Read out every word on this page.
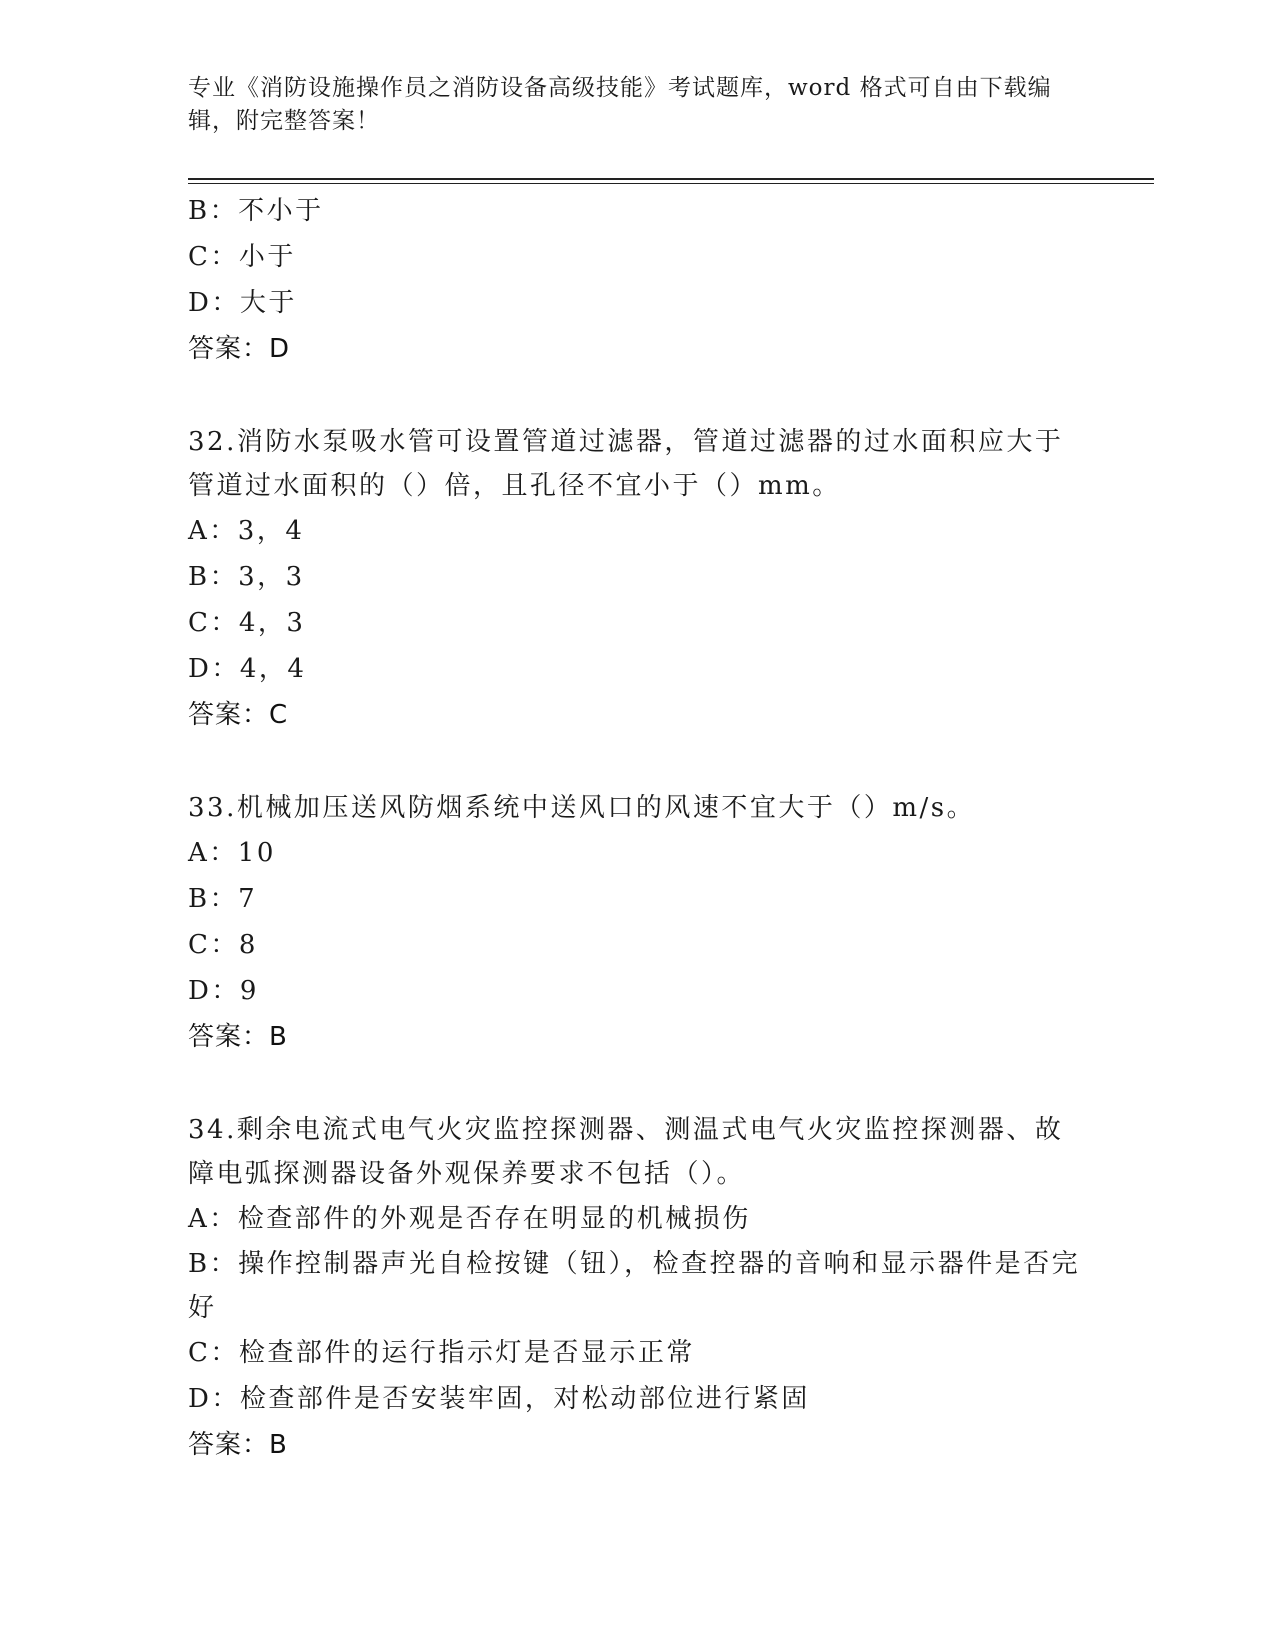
专业《消防设施操作员之消防设备高级技能》考试题库，word 格式可自由下载编辑，附完整答案！
B：不小于
C：小于
D：大于
答案：D
32.消防水泵吸水管可设置管道过滤器，管道过滤器的过水面积应大于管道过水面积的（）倍，且孔径不宜小于（）mm。
A：3，4
B：3，3
C：4，3
D：4，4
答案：C
33.机械加压送风防烟系统中送风口的风速不宜大于（）m/s。
A：10
B：7
C：8
D：9
答案：B
34.剩余电流式电气火灾监控探测器、测温式电气火灾监控探测器、故障电弧探测器设备外观保养要求不包括（）。
A：检查部件的外观是否存在明显的机械损伤
B：操作控制器声光自检按键（钮），检查控器的音响和显示器件是否完好
C：检查部件的运行指示灯是否显示正常
D：检查部件是否安装牢固，对松动部位进行紧固
答案：B
